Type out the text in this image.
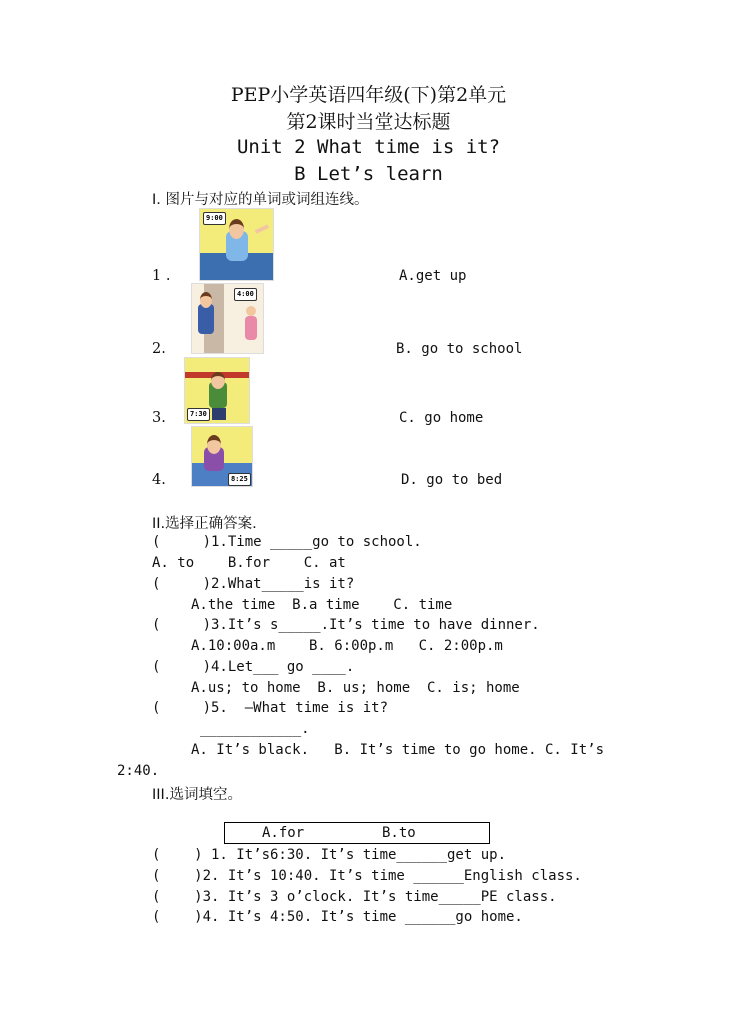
PEP小学英语四年级(下)第2单元
第2课时当堂达标题
Unit 2 What time is it?
B Let’s learn
I. 图片与对应的单词或词组连线。
9:00
1 .	A.get up
4:00
2.	B. go to school
7:30
3.	C. go home
8:25
4.	D. go to bed
II.选择正确答案.
(     )1.Time _____go to school.
A. to    B.for    C. at
(     )2.What_____is it?
A.the time  B.a time    C. time
(     )3.It’s s_____.It’s time to have dinner.
A.10:00a.m    B. 6:00p.m   C. 2:00p.m
(     )4.Let___ go ____.
A.us; to home  B. us; home  C. is; home
(     )5.  –What time is it?
____________.
A. It’s black.   B. It’s time to go home. C. It’s
2:40.
III.选词填空。
A.for	B.to
(    ) 1. It’s6:30. It’s time______get up.
(    )2. It’s 10:40. It’s time ______English class.
(    )3. It’s 3 o’clock. It’s time_____PE class.
(    )4. It’s 4:50. It’s time ______go home.
